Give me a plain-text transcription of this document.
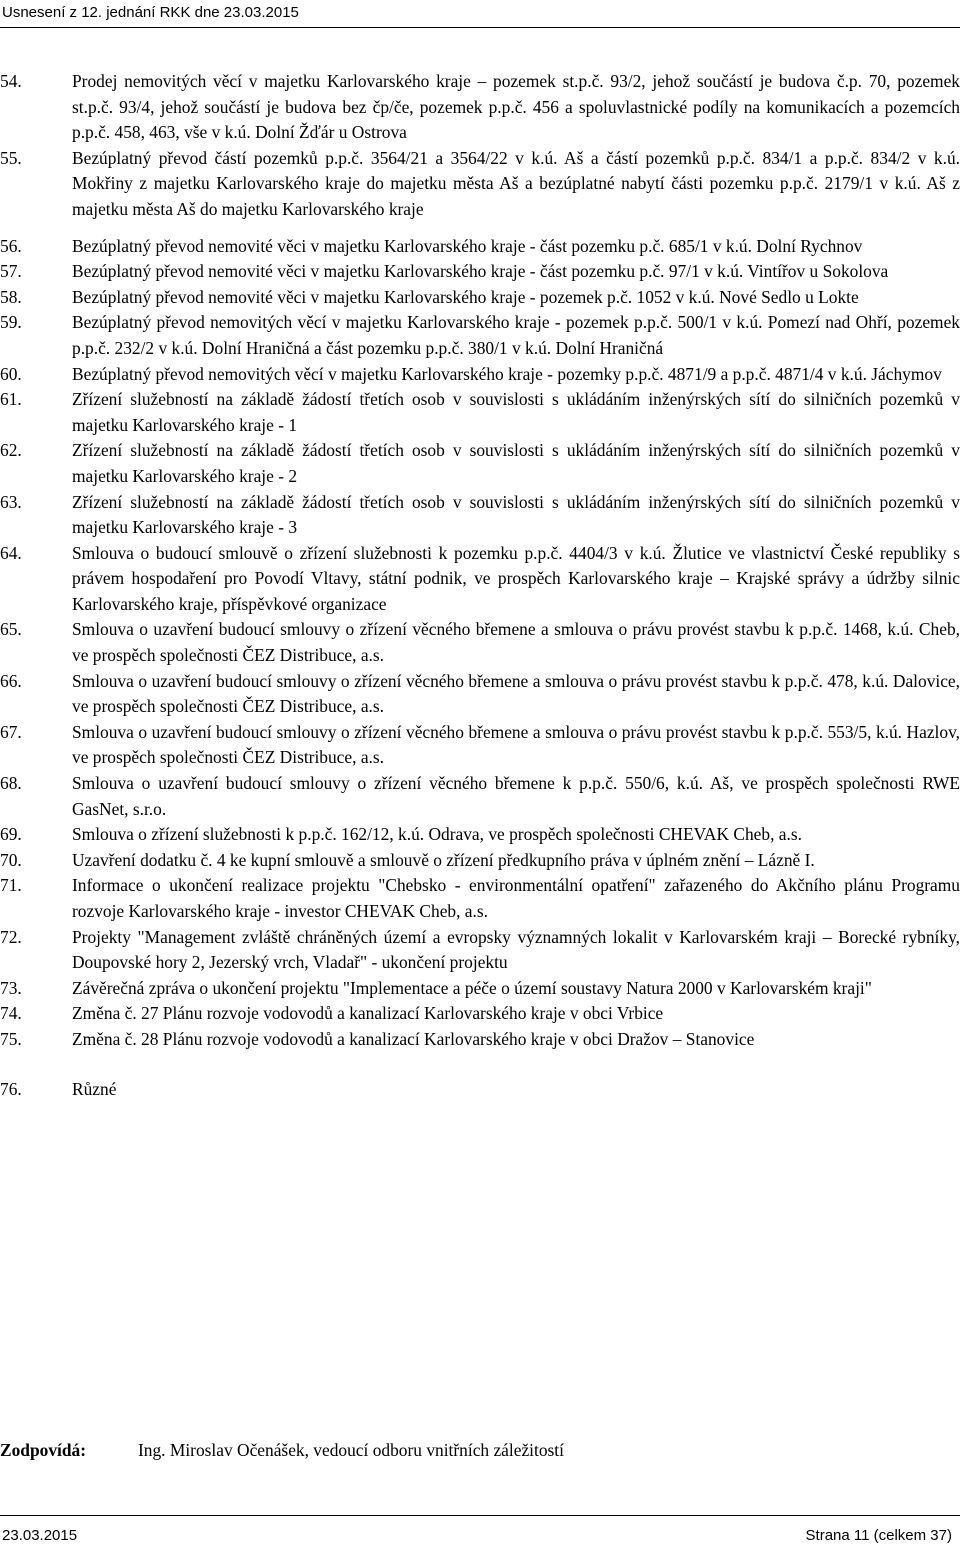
Usnesení z 12. jednání RKK dne 23.03.2015
54.	Prodej nemovitých věcí v majetku Karlovarského kraje – pozemek st.p.č. 93/2, jehož součástí je budova č.p. 70, pozemek st.p.č. 93/4, jehož součástí je budova bez čp/če, pozemek p.p.č. 456 a spoluvlastnické podíly na komunikacích a pozemcích p.p.č. 458, 463, vše v k.ú. Dolní Žďár u Ostrova
55.	Bezúplatný převod částí pozemků p.p.č. 3564/21 a 3564/22 v k.ú. Aš a částí pozemků p.p.č. 834/1 a p.p.č. 834/2 v k.ú. Mokřiny z majetku Karlovarského kraje do majetku města Aš a bezúplatné nabytí části pozemku p.p.č. 2179/1 v k.ú. Aš z majetku města Aš do majetku Karlovarského kraje
56.	Bezúplatný převod nemovité věci v majetku Karlovarského kraje - část pozemku p.č. 685/1 v k.ú. Dolní Rychnov
57.	Bezúplatný převod nemovité věci v majetku Karlovarského kraje - část pozemku p.č. 97/1 v k.ú. Vintířov u Sokolova
58.	Bezúplatný převod nemovité věci v majetku Karlovarského kraje - pozemek p.č. 1052 v k.ú. Nové Sedlo u Lokte
59.	Bezúplatný převod nemovitých věcí v majetku Karlovarského kraje - pozemek p.p.č. 500/1 v k.ú. Pomezí nad Ohří, pozemek p.p.č. 232/2 v k.ú. Dolní Hraničná a část pozemku p.p.č. 380/1 v k.ú. Dolní Hraničná
60.	Bezúplatný převod nemovitých věcí v majetku Karlovarského kraje - pozemky p.p.č. 4871/9 a p.p.č. 4871/4 v k.ú. Jáchymov
61.	Zřízení služebností na základě žádostí třetích osob v souvislosti s ukládáním inženýrských sítí do silničních pozemků v majetku Karlovarského kraje - 1
62.	Zřízení služebností na základě žádostí třetích osob v souvislosti s ukládáním inženýrských sítí do silničních pozemků v majetku Karlovarského kraje - 2
63.	Zřízení služebností na základě žádostí třetích osob v souvislosti s ukládáním inženýrských sítí do silničních pozemků v majetku Karlovarského kraje - 3
64.	Smlouva o budoucí smlouvě o zřízení služebnosti k pozemku p.p.č. 4404/3 v k.ú. Žlutice ve vlastnictví České republiky s právem hospodaření pro Povodí Vltavy, státní podnik, ve prospěch Karlovarského kraje – Krajské správy a údržby silnic Karlovarského kraje, příspěvkové organizace
65.	Smlouva o uzavření budoucí smlouvy o zřízení věcného břemene a smlouva o právu provést stavbu k p.p.č. 1468, k.ú. Cheb, ve prospěch společnosti ČEZ Distribuce, a.s.
66.	Smlouva o uzavření budoucí smlouvy o zřízení věcného břemene a smlouva o právu provést stavbu k p.p.č. 478, k.ú. Dalovice, ve prospěch společnosti ČEZ Distribuce, a.s.
67.	Smlouva o uzavření budoucí smlouvy o zřízení věcného břemene a smlouva o právu provést stavbu k p.p.č. 553/5, k.ú. Hazlov, ve prospěch společnosti ČEZ Distribuce, a.s.
68.	Smlouva o uzavření budoucí smlouvy o zřízení věcného břemene k p.p.č. 550/6, k.ú. Aš, ve prospěch společnosti RWE GasNet, s.r.o.
69.	Smlouva o zřízení služebnosti k p.p.č. 162/12, k.ú. Odrava, ve prospěch společnosti CHEVAK Cheb, a.s.
70.	Uzavření dodatku č. 4 ke kupní smlouvě a smlouvě o zřízení předkupního práva v úplném znění – Lázně I.
71.	Informace o ukončení realizace projektu "Chebsko - environmentální opatření" zařazeného do Akčního plánu Programu rozvoje Karlovarského kraje - investor CHEVAK Cheb, a.s.
72.	Projekty "Management zvláště chráněných území a evropsky významných lokalit v Karlovarském kraji – Borecké rybníky, Doupovské hory 2, Jezerský vrch, Vladař" - ukončení projektu
73.	Závěrečná zpráva o ukončení projektu "Implementace a péče o území soustavy Natura 2000 v Karlovarském kraji"
74.	Změna č. 27 Plánu rozvoje vodovodů a kanalizací Karlovarského kraje v obci Vrbice
75.	Změna č. 28 Plánu rozvoje vodovodů a kanalizací Karlovarského kraje v obci Dražov – Stanovice
76.	Různé
Zodpovídá:	Ing. Miroslav Očenášek, vedoucí odboru vnitřních záležitostí
23.03.2015	Strana 11 (celkem 37)
